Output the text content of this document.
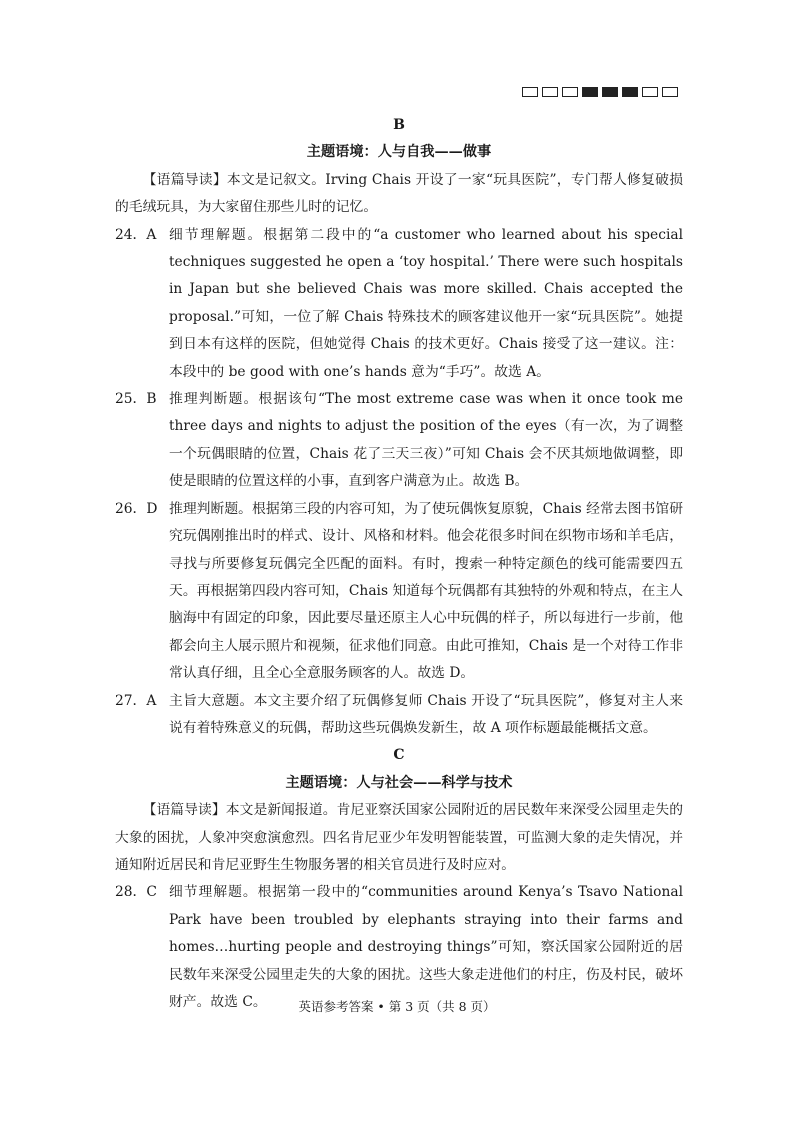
B
主题语境：人与自我——做事

【语篇导读】本文是记叙文。Irving Chais 开设了一家“玩具医院”，专门帮人修复破损的毛绒玩具，为大家留住那些儿时的记忆。

24．A 细节理解题。根据第二段中的“a customer who learned about his special techniques suggested he open a ‘toy hospital.’ There were such hospitals in Japan but she believed Chais was more skilled. Chais accepted the proposal.”可知，一位了解 Chais 特殊技术的顾客建议他开一家“玩具医院”。她提到日本有这样的医院，但她觉得 Chais 的技术更好。Chais 接受了这一建议。注：本段中的 be good with one’s hands 意为“手巧”。故选 A。
25．B 推理判断题。根据该句“The most extreme case was when it once took me three days and nights to adjust the position of the eyes（有一次，为了调整一个玩偶眼睛的位置，Chais 花了三天三夜）”可知 Chais 会不厌其烦地做调整，即使是眼睛的位置这样的小事，直到客户满意为止。故选 B。
26．D 推理判断题。根据第三段的内容可知，为了使玩偶恢复原貌，Chais 经常去图书馆研究玩偶刚推出时的样式、设计、风格和材料。他会花很多时间在织物市场和羊毛店，寻找与所要修复玩偶完全匹配的面料。有时，搜索一种特定颜色的线可能需要四五天。再根据第四段内容可知，Chais 知道每个玩偶都有其独特的外观和特点，在主人脑海中有固定的印象，因此要尽量还原主人心中玩偶的样子，所以每进行一步前，他都会向主人展示照片和视频，征求他们同意。由此可推知，Chais 是一个对待工作非常认真仔细，且全心全意服务顾客的人。故选 D。
27．A 主旨大意题。本文主要介绍了玩偶修复师 Chais 开设了“玩具医院”，修复对主人来说有着特殊意义的玩偶，帮助这些玩偶焕发新生，故 A 项作标题最能概括文意。
C
主题语境：人与社会——科学与技术

【语篇导读】本文是新闻报道。肯尼亚察沃国家公园附近的居民数年来深受公园里走失的大象的困扰，人象冲突愈演愈烈。四名肯尼亚少年发明智能装置，可监测大象的走失情况，并通知附近居民和肯尼亚野生生物服务署的相关官员进行及时应对。

28．C 细节理解题。根据第一段中的“communities around Kenya’s Tsavo National Park have been troubled by elephants straying into their farms and homes…hurting people and destroying things”可知，察沃国家公园附近的居民数年来深受公园里走失的大象的困扰。这些大象走进他们的村庄，伤及村民，破坏财产。故选 C。	英语参考答案 • 第 3 页（共 8 页）
